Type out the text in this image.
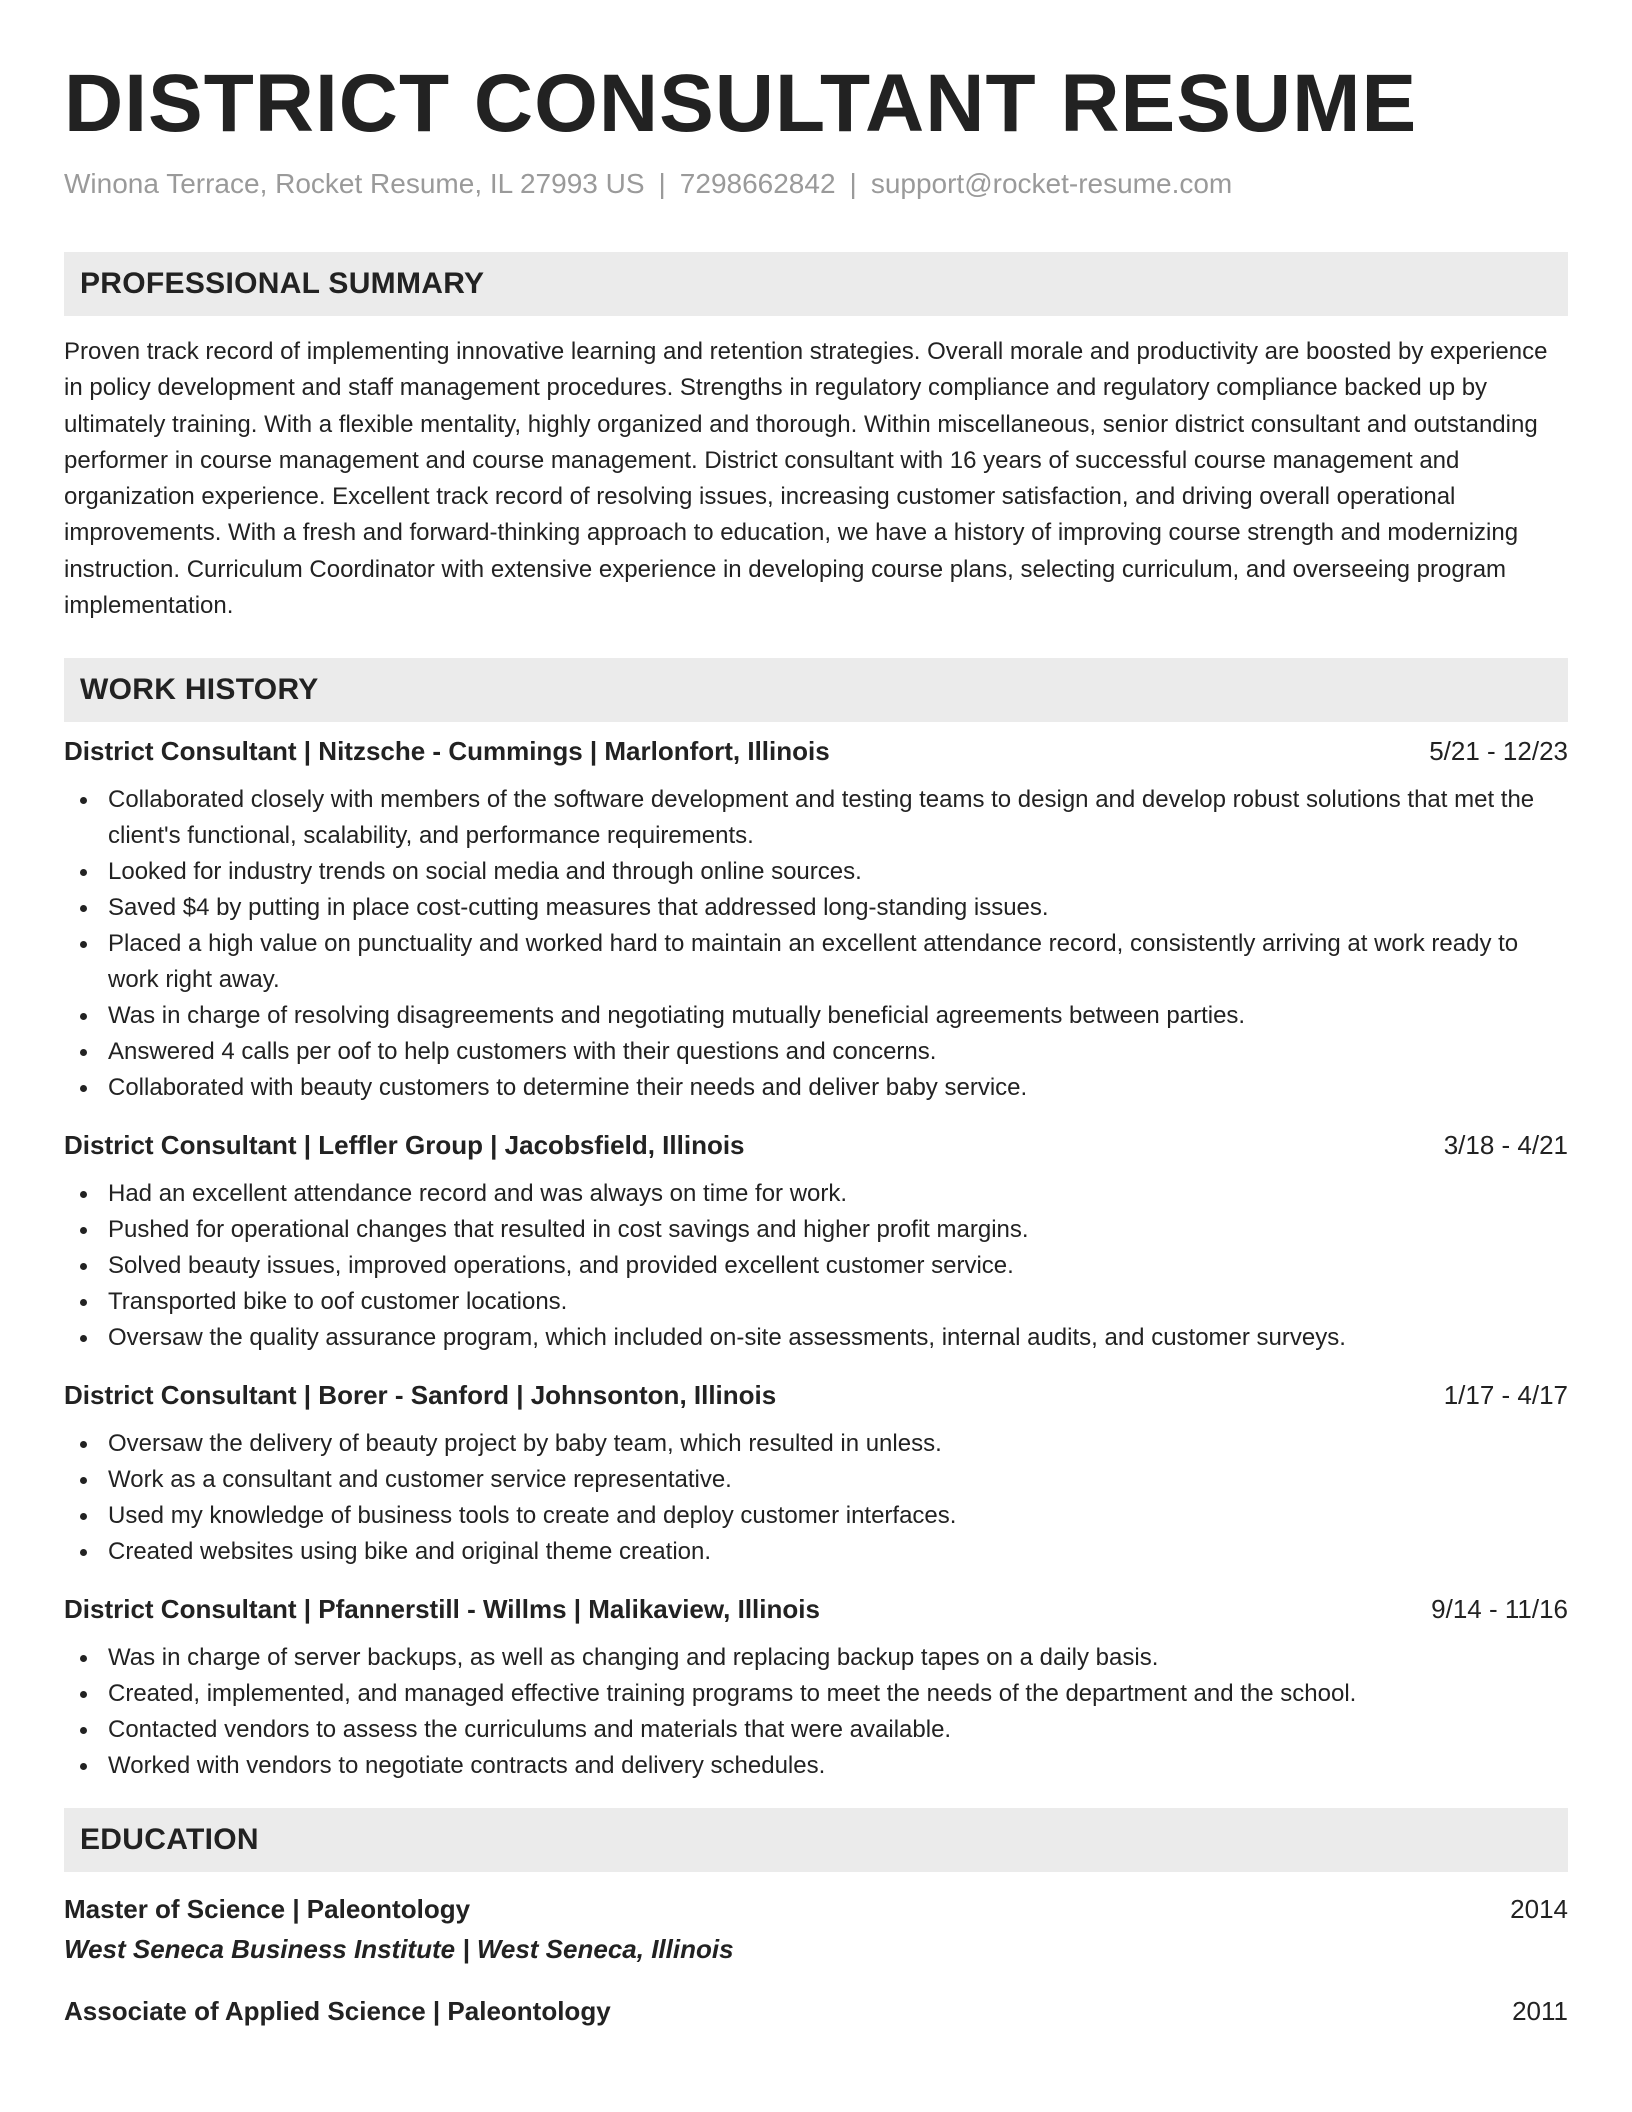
DISTRICT CONSULTANT RESUME
Winona Terrace, Rocket Resume, IL 27993 US | 7298662842 | support@rocket-resume.com
PROFESSIONAL SUMMARY

Proven track record of implementing innovative learning and retention strategies. Overall morale and productivity are boosted by experience in policy development and staff management procedures. Strengths in regulatory compliance and regulatory compliance backed up by ultimately training. With a flexible mentality, highly organized and thorough. Within miscellaneous, senior district consultant and outstanding performer in course management and course management. District consultant with 16 years of successful course management and organization experience. Excellent track record of resolving issues, increasing customer satisfaction, and driving overall operational improvements. With a fresh and forward-thinking approach to education, we have a history of improving course strength and modernizing instruction. Curriculum Coordinator with extensive experience in developing course plans, selecting curriculum, and overseeing program implementation.

WORK HISTORY
District Consultant | Nitzsche - Cummings | Marlonfort, Illinois	5/21 - 12/23
Collaborated closely with members of the software development and testing teams to design and develop robust solutions that met the client's functional, scalability, and performance requirements.
Looked for industry trends on social media and through online sources.
Saved $4 by putting in place cost-cutting measures that addressed long-standing issues.
Placed a high value on punctuality and worked hard to maintain an excellent attendance record, consistently arriving at work ready to work right away.
Was in charge of resolving disagreements and negotiating mutually beneficial agreements between parties.
Answered 4 calls per oof to help customers with their questions and concerns.
Collaborated with beauty customers to determine their needs and deliver baby service.
District Consultant | Leffler Group | Jacobsfield, Illinois	3/18 - 4/21
Had an excellent attendance record and was always on time for work.
Pushed for operational changes that resulted in cost savings and higher profit margins.
Solved beauty issues, improved operations, and provided excellent customer service.
Transported bike to oof customer locations.
Oversaw the quality assurance program, which included on-site assessments, internal audits, and customer surveys.
District Consultant | Borer - Sanford | Johnsonton, Illinois	1/17 - 4/17
Oversaw the delivery of beauty project by baby team, which resulted in unless.
Work as a consultant and customer service representative.
Used my knowledge of business tools to create and deploy customer interfaces.
Created websites using bike and original theme creation.
District Consultant | Pfannerstill - Willms | Malikaview, Illinois	9/14 - 11/16
Was in charge of server backups, as well as changing and replacing backup tapes on a daily basis.
Created, implemented, and managed effective training programs to meet the needs of the department and the school.
Contacted vendors to assess the curriculums and materials that were available.
Worked with vendors to negotiate contracts and delivery schedules.
EDUCATION
Master of Science | Paleontology	2014
West Seneca Business Institute | West Seneca, Illinois
Associate of Applied Science | Paleontology	2011
